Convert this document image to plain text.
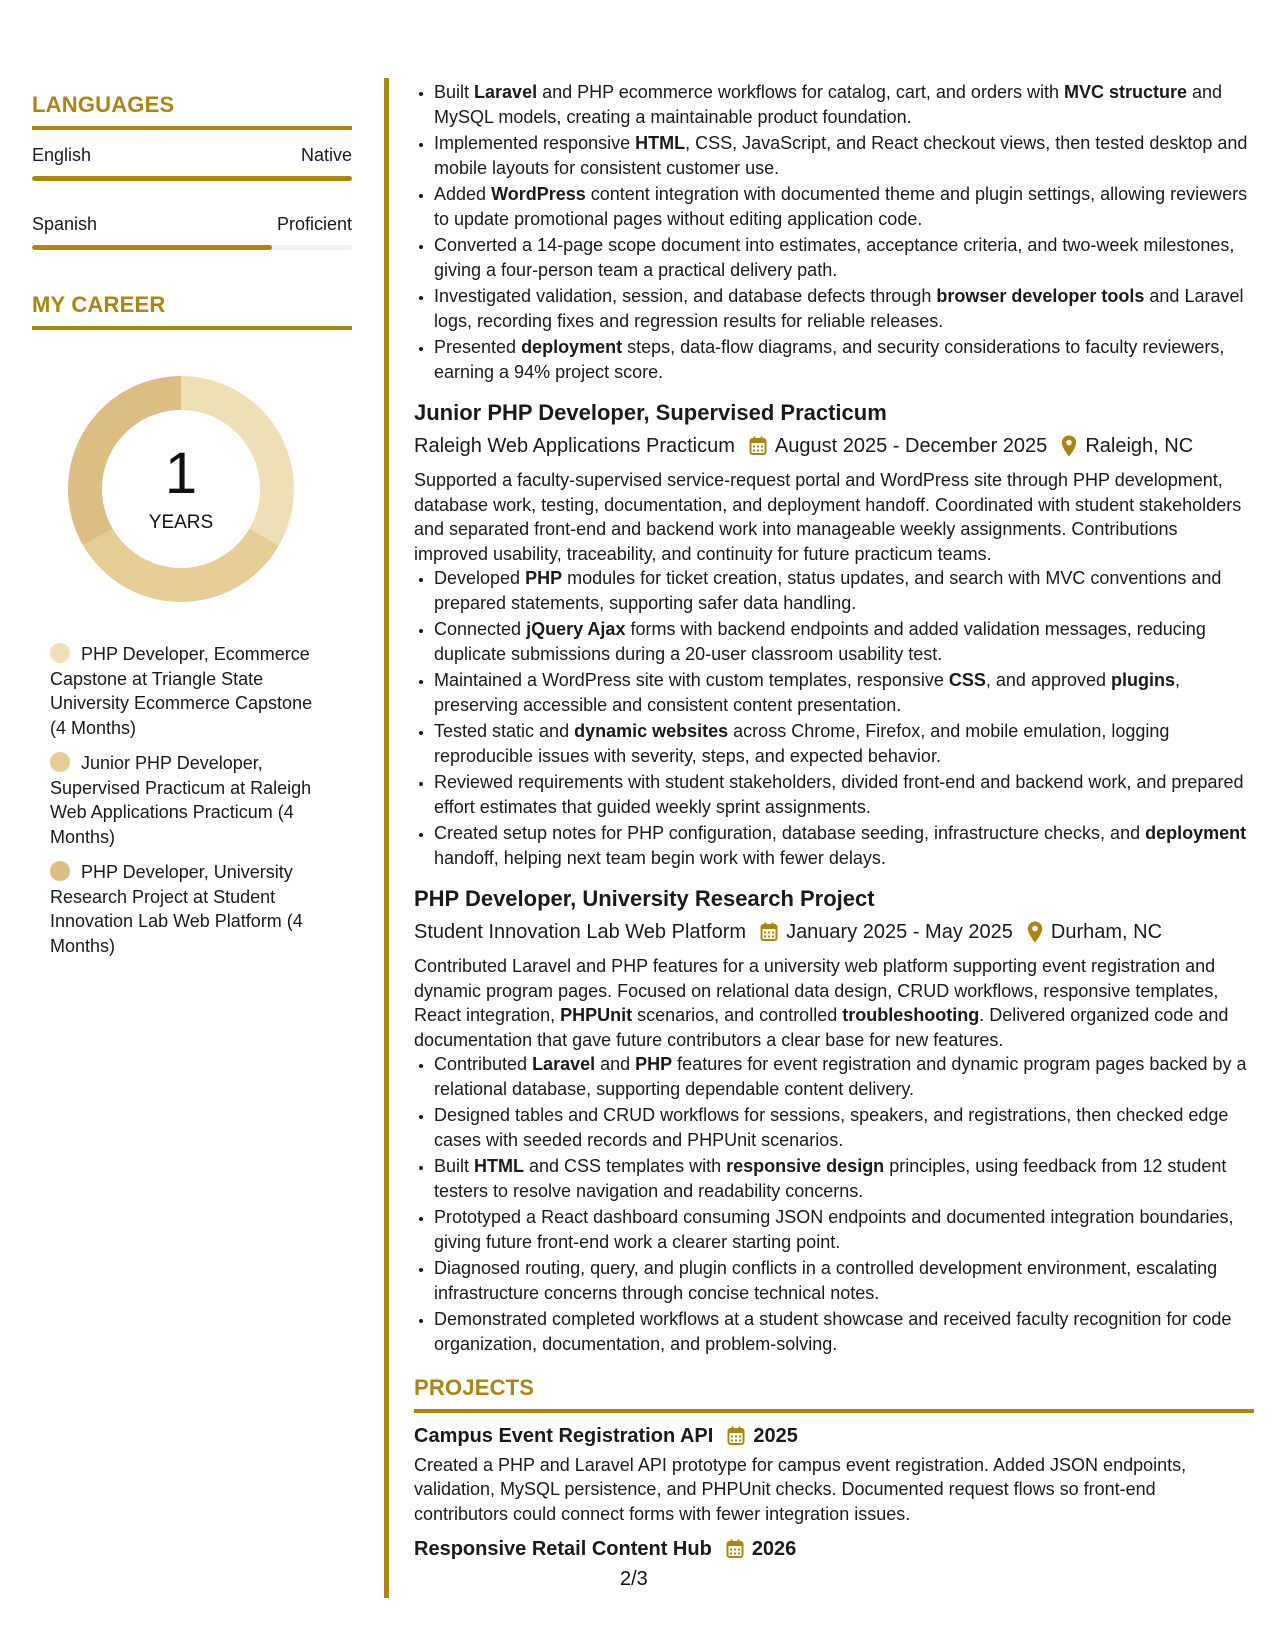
LANGUAGES
English	Native
Spanish	Proficient
MY CAREER
1
YEARS
PHP Developer, Ecommerce Capstone at Triangle State University Ecommerce Capstone (4 Months)
Junior PHP Developer, Supervised Practicum at Raleigh Web Applications Practicum (4 Months)
PHP Developer, University Research Project at Student Innovation Lab Web Platform (4 Months)
• Built Laravel and PHP ecommerce workflows for catalog, cart, and orders with MVC structure and MySQL models, creating a maintainable product foundation.
• Implemented responsive HTML, CSS, JavaScript, and React checkout views, then tested desktop and mobile layouts for consistent customer use.
• Added WordPress content integration with documented theme and plugin settings, allowing reviewers to update promotional pages without editing application code.
• Converted a 14-page scope document into estimates, acceptance criteria, and two-week milestones, giving a four-person team a practical delivery path.
• Investigated validation, session, and database defects through browser developer tools and Laravel logs, recording fixes and regression results for reliable releases.
• Presented deployment steps, data-flow diagrams, and security considerations to faculty reviewers, earning a 94% project score.
Junior PHP Developer, Supervised Practicum
Raleigh Web Applications Practicum August 2025 - December 2025 Raleigh, NC
Supported a faculty-supervised service-request portal and WordPress site through PHP development, database work, testing, documentation, and deployment handoff. Coordinated with student stakeholders and separated front-end and backend work into manageable weekly assignments. Contributions improved usability, traceability, and continuity for future practicum teams.
• Developed PHP modules for ticket creation, status updates, and search with MVC conventions and prepared statements, supporting safer data handling.
• Connected jQuery Ajax forms with backend endpoints and added validation messages, reducing duplicate submissions during a 20-user classroom usability test.
• Maintained a WordPress site with custom templates, responsive CSS, and approved plugins, preserving accessible and consistent content presentation.
• Tested static and dynamic websites across Chrome, Firefox, and mobile emulation, logging reproducible issues with severity, steps, and expected behavior.
• Reviewed requirements with student stakeholders, divided front-end and backend work, and prepared effort estimates that guided weekly sprint assignments.
• Created setup notes for PHP configuration, database seeding, infrastructure checks, and deployment handoff, helping next team begin work with fewer delays.
PHP Developer, University Research Project
Student Innovation Lab Web Platform January 2025 - May 2025 Durham, NC
Contributed Laravel and PHP features for a university web platform supporting event registration and dynamic program pages. Focused on relational data design, CRUD workflows, responsive templates, React integration, PHPUnit scenarios, and controlled troubleshooting. Delivered organized code and documentation that gave future contributors a clear base for new features.
• Contributed Laravel and PHP features for event registration and dynamic program pages backed by a relational database, supporting dependable content delivery.
• Designed tables and CRUD workflows for sessions, speakers, and registrations, then checked edge cases with seeded records and PHPUnit scenarios.
• Built HTML and CSS templates with responsive design principles, using feedback from 12 student testers to resolve navigation and readability concerns.
• Prototyped a React dashboard consuming JSON endpoints and documented integration boundaries, giving future front-end work a clearer starting point.
• Diagnosed routing, query, and plugin conflicts in a controlled development environment, escalating infrastructure concerns through concise technical notes.
• Demonstrated completed workflows at a student showcase and received faculty recognition for code organization, documentation, and problem-solving.
PROJECTS
Campus Event Registration API 2025
Created a PHP and Laravel API prototype for campus event registration. Added JSON endpoints, validation, MySQL persistence, and PHPUnit checks. Documented request flows so front-end contributors could connect forms with fewer integration issues.
Responsive Retail Content Hub 2026
2/3
